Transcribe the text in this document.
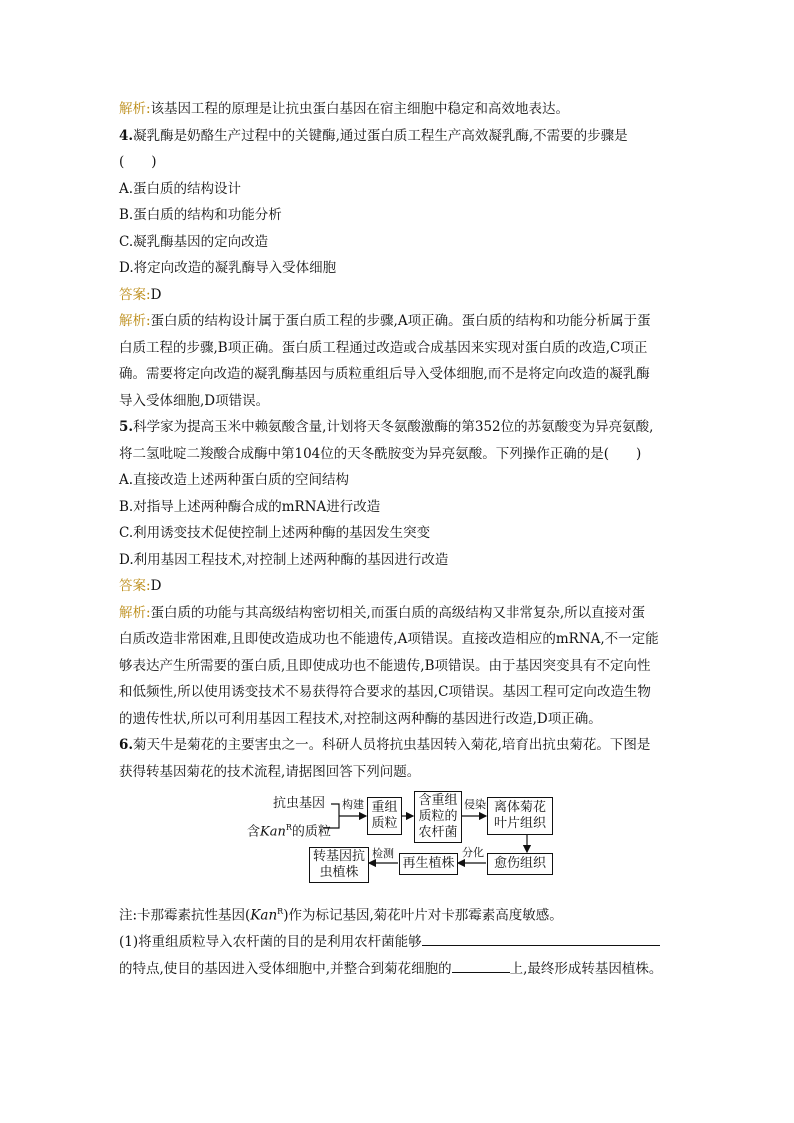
解析:该基因工程的原理是让抗虫蛋白基因在宿主细胞中稳定和高效地表达。
4.凝乳酶是奶酪生产过程中的关键酶,通过蛋白质工程生产高效凝乳酶,不需要的步骤是
(　　)
A.蛋白质的结构设计
B.蛋白质的结构和功能分析
C.凝乳酶基因的定向改造
D.将定向改造的凝乳酶导入受体细胞
答案:D
解析:蛋白质的结构设计属于蛋白质工程的步骤,A项正确。蛋白质的结构和功能分析属于蛋
白质工程的步骤,B项正确。蛋白质工程通过改造或合成基因来实现对蛋白质的改造,C项正
确。需要将定向改造的凝乳酶基因与质粒重组后导入受体细胞,而不是将定向改造的凝乳酶
导入受体细胞,D项错误。
5.科学家为提高玉米中赖氨酸含量,计划将天冬氨酸激酶的第352位的苏氨酸变为异亮氨酸,
将二氢吡啶二羧酸合成酶中第104位的天冬酰胺变为异亮氨酸。下列操作正确的是(　　)
A.直接改造上述两种蛋白质的空间结构
B.对指导上述两种酶合成的mRNA进行改造
C.利用诱变技术促使控制上述两种酶的基因发生突变
D.利用基因工程技术,对控制上述两种酶的基因进行改造
答案:D
解析:蛋白质的功能与其高级结构密切相关,而蛋白质的高级结构又非常复杂,所以直接对蛋
白质改造非常困难,且即使改造成功也不能遗传,A项错误。直接改造相应的mRNA,不一定能
够表达产生所需要的蛋白质,且即使成功也不能遗传,B项错误。由于基因突变具有不定向性
和低频性,所以使用诱变技术不易获得符合要求的基因,C项错误。基因工程可定向改造生物
的遗传性状,所以可利用基因工程技术,对控制这两种酶的基因进行改造,D项正确。
6.菊天牛是菊花的主要害虫之一。科研人员将抗虫基因转入菊花,培育出抗虫菊花。下图是
获得转基因菊花的技术流程,请据图回答下列问题。
抗虫基因
含Kan$^R$的质粒
构建 重组
质粒
含重组
质粒的
农杆菌
侵染 离体菊花
叶片组织
愈伤组织
分化
再生植株
检测
转基因抗
虫植株
注:卡那霉素抗性基因(Kan$^R$)作为标记基因,菊花叶片对卡那霉素高度敏感。
(1)将重组质粒导入农杆菌的目的是利用农杆菌能够
的特点,使目的基因进入受体细胞中,并整合到菊花细胞的	上,最终形成转基因植株。
